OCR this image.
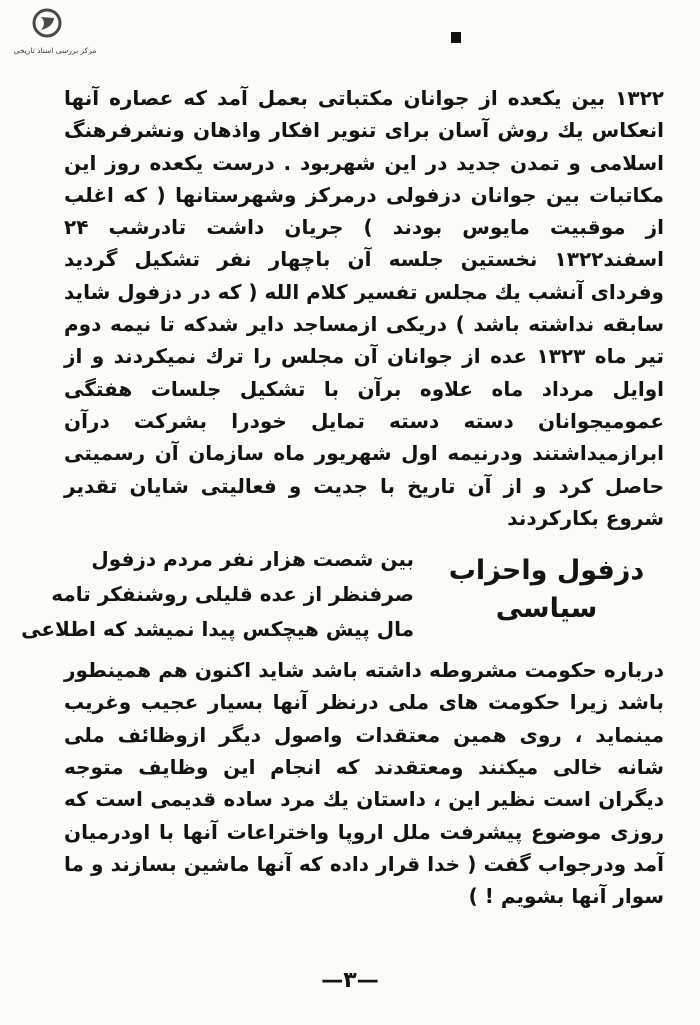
مرکز بررسی اسناد تاریخی

۱۳۲۲ بین یکعده از جوانان مکتباتی بعمل آمد که عصاره آنها انعکاس یك روش آسان برای تنویر افکار واذهان ونشرفرهنگ اسلامی و تمدن جدید در این شهربود . درست یکعده روز این مکاتبات بین جوانان دزفولی درمرکز وشهرستانها ( که اغلب از موقبیت مایوس بودند ) جریان داشت تادرشب ۲۴ اسفند۱۳۲۲ نخستین جلسه آن باچهار نفر تشکیل گردید وفردای آنشب یك مجلس تفسیر کلام الله ( که در دزفول شاید سابقه نداشته باشد ) دریکی ازمساجد دایر شدکه تا نیمه دوم تیر ماه ۱۳۲۳ عده از جوانان آن مجلس را ترك نمیکردند و از اوایل مرداد ماه علاوه برآن با تشکیل جلسات هفتگی عمومیجوانان دسته دسته تمایل خودرا بشرکت درآن ابرازمیداشتند ودرنیمه اول شهریور ماه سازمان آن رسمیتی حاصل کرد و از آن تاریخ با جدیت و فعالیتی شایان تقدیر شروع بکارکردند

بین شصت هزار نفر مردم دزفول
صرفنظر از عده قلیلی روشنفکر تامه
مال پیش هیچکس پیدا نمیشد که اطلاعی
دزفول واحزاب
سیاسی

درباره حکومت مشروطه داشته باشد شاید اکنون هم همینطور باشد زیرا حکومت های ملی درنظر آنها بسیار عجیب وغریب مینماید ، روی همین معتقدات واصول دیگر ازوظائف ملی شانه خالی میکنند ومعتقدند که انجام این وظایف متوجه دیگران است نظیر این ، داستان یك مرد ساده قدیمی است که روزی موضوع پیشرفت ملل اروپا واختراعات آنها با اودرمیان آمد ودرجواب گفت ( خدا قرار داده که آنها ماشین بسازند و ما سوار آنها بشویم ! )

—۳—
